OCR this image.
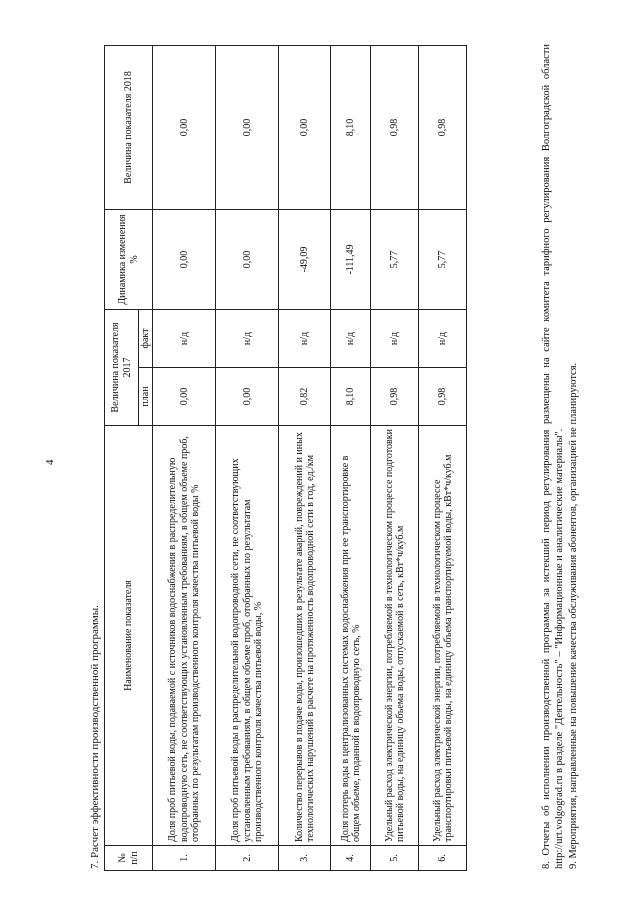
4
7. Расчет эффективности производственной программы. № п/п	Наименование показателя	Величина показателя 2017		Динамика изменения %	Величина показателя 2018
		план	факт		
1.	Доля проб питьевой воды, подаваемой с источников водоснабжения в распределительную водопроводную сеть, не соответствующих установленным требованиям, в общем объеме проб, отобранных по результатам производственного контроля качества питьевой воды %	0,00	н/д	0,00	0,00
2.	Доля проб питьевой воды в распределительной водопроводной сети, не соответствующих установленным требованиям, в общем объеме проб, отобранных по результатам производственного контроля качества питьевой воды, %	0,00	н/д	0,00	0,00
3.	Количество перерывов в подаче воды, произошедших в результате аварий, повреждений и иных технологических нарушений в расчете на протяженность водопроводной сети в год, ед./км	0,82	н/д	-49,09	0,00
4.	Доля потерь воды в централизованных системах водоснабжения при ее транспортировке в общем объеме, поданной в водопроводную сеть, %	8,10	н/д	-111,49	8,10
5.	Удельный расход электрической энергии, потребляемой в технологическом процессе подготовки питьевой воды, на единицу объема воды, отпускаемой в сеть, кВт*ч/куб.м	0,98	н/д	5,77	0,98
6.	Удельный расход электрической энергии, потребляемой в технологическом процессе транспортировки питьевой воды, на единицу объема транспортируемой воды, кВт*ч/куб.м	0,98	н/д	5,77	0,98	8. Отчеты об исполнении производственной программы за истекший период регулирования размещены на сайте комитета тарифного регулирования Волгоградской области http://urt.volgograd.ru в разделе "Деятельность" – "Информационные и аналитические материалы". 9. Мероприятия, направленные на повышение качества обслуживания абонентов, организацией не планируются.
